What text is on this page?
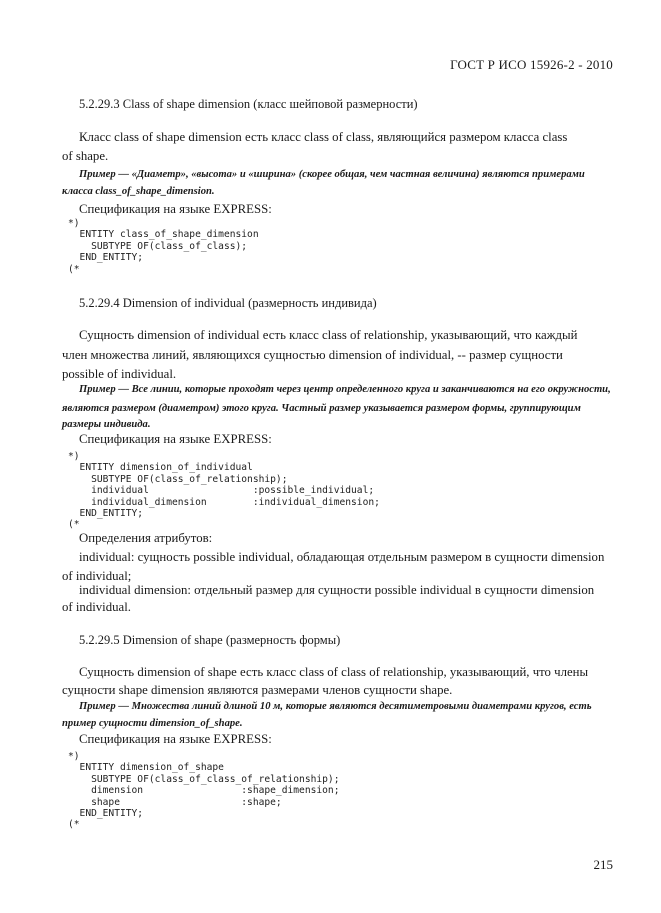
ГОСТ Р ИСО 15926-2 - 2010
5.2.29.3 Class of shape dimension (класс шейповой размерности)
Класс class of shape dimension есть класс class of class, являющийся размером класса class
of shape.
Пример — «Диаметр», «высота» и «ширина» (скорее общая, чем частная величина) являются примерами
класса class_of_shape_dimension.
Спецификация на языке EXPRESS:
*)
ENTITY class_of_shape_dimension
SUBTYPE OF(class_of_class);
END_ENTITY;
(*
5.2.29.4 Dimension of individual (размерность индивида)
Сущность dimension of individual есть класс class of relationship, указывающий, что каждый
член множества линий, являющихся сущностью dimension of individual, -- размер сущности
possible of individual.
Пример — Все линии, которые проходят через центр определенного круга и заканчиваются на его окружности,
являются размером (диаметром) этого круга. Частный размер указывается размером формы, группирующим
размеры индивида.
Спецификация на языке EXPRESS:
*)
ENTITY dimension_of_individual
SUBTYPE OF(class_of_relationship);
individual                  :possible_individual;
individual_dimension        :individual_dimension;
END_ENTITY;
(*
Определения атрибутов:
individual: сущность possible individual, обладающая отдельным размером в сущности dimension
of individual;
individual dimension: отдельный размер для сущности possible individual в сущности dimension
of individual.
5.2.29.5 Dimension of shape (размерность формы)
Сущность dimension of shape есть класс class of class of relationship, указывающий, что члены
сущности shape dimension являются размерами членов сущности shape.
Пример — Множества линий длиной 10 м, которые являются десятиметровыми диаметрами кругов, есть
пример сущности dimension_of_shape.
Спецификация на языке EXPRESS:
*)
ENTITY dimension_of_shape
SUBTYPE OF(class_of_class_of_relationship);
dimension                 :shape_dimension;
shape                     :shape;
END_ENTITY;
(*
215
